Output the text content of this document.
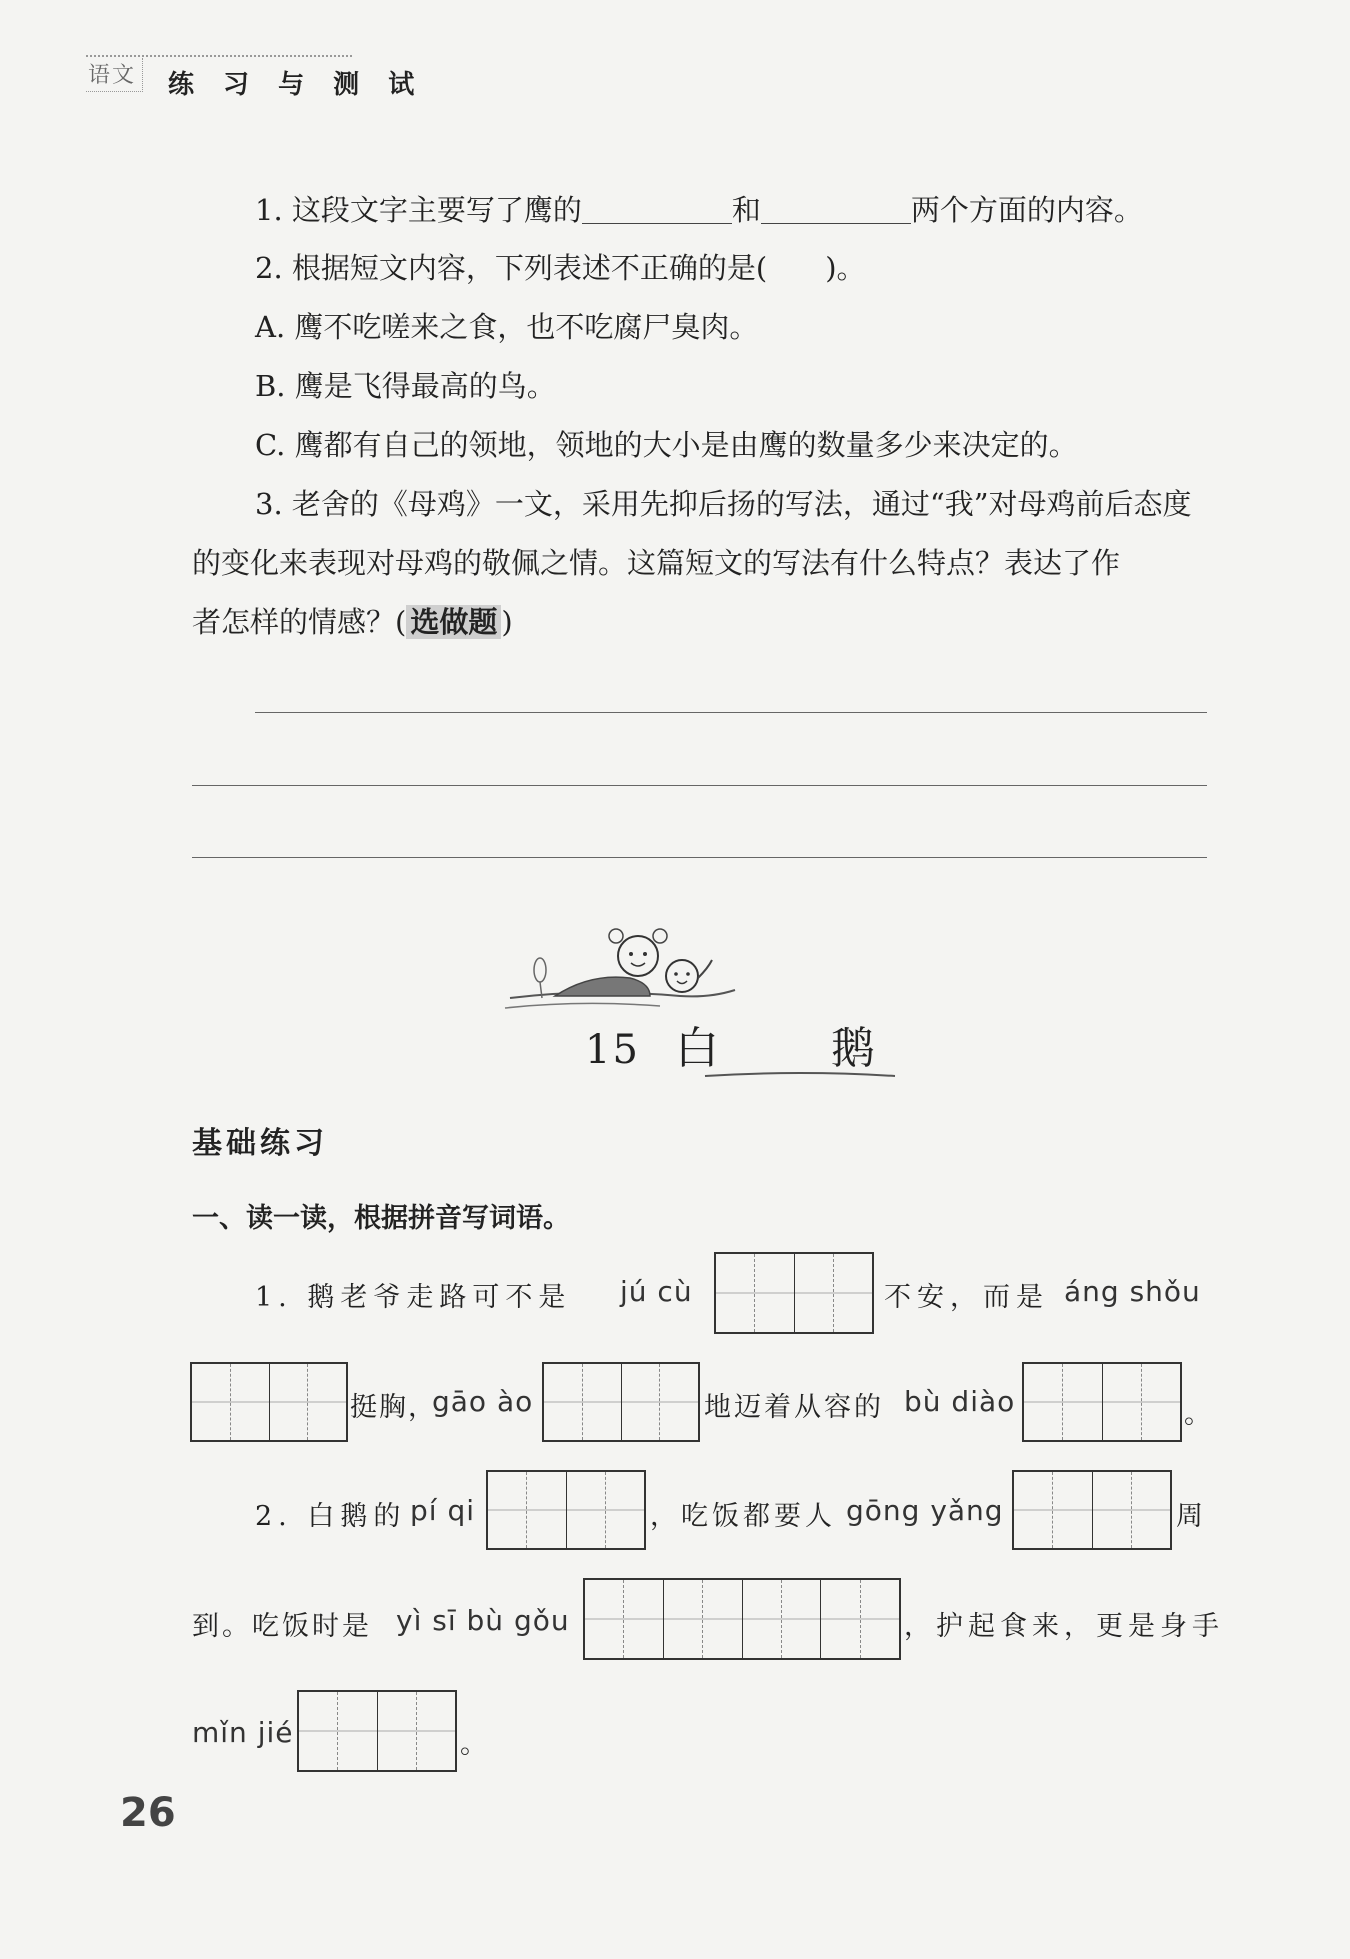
语文 练 习 与 测 试
1. 这段文字主要写了鹰的	和	两个方面的内容。
2. 根据短文内容，下列表述不正确的是(　　)。
A. 鹰不吃嗟来之食，也不吃腐尸臭肉。
B. 鹰是飞得最高的鸟。
C. 鹰都有自己的领地，领地的大小是由鹰的数量多少来决定的。
3. 老舍的《母鸡》一文，采用先抑后扬的写法，通过“我”对母鸡前后态度
的变化来表现对母鸡的敬佩之情。这篇短文的写法有什么特点？表达了作
者怎样的情感？( 选做题 )
15 白　鹅
基础练习
一、读一读，根据拼音写词语。
1. 鹅老爷走路可不是 jú cù	不安，而是 áng shǒu
挺胸，
gāo ào	地迈着从容的 bù diào	。
2. 白鹅的 pí qi	，吃饭都要人 gōng yǎng	周
到。吃饭时是 yì sī bù gǒu	，护起食来，更是身手
mǐn jié	。
26
